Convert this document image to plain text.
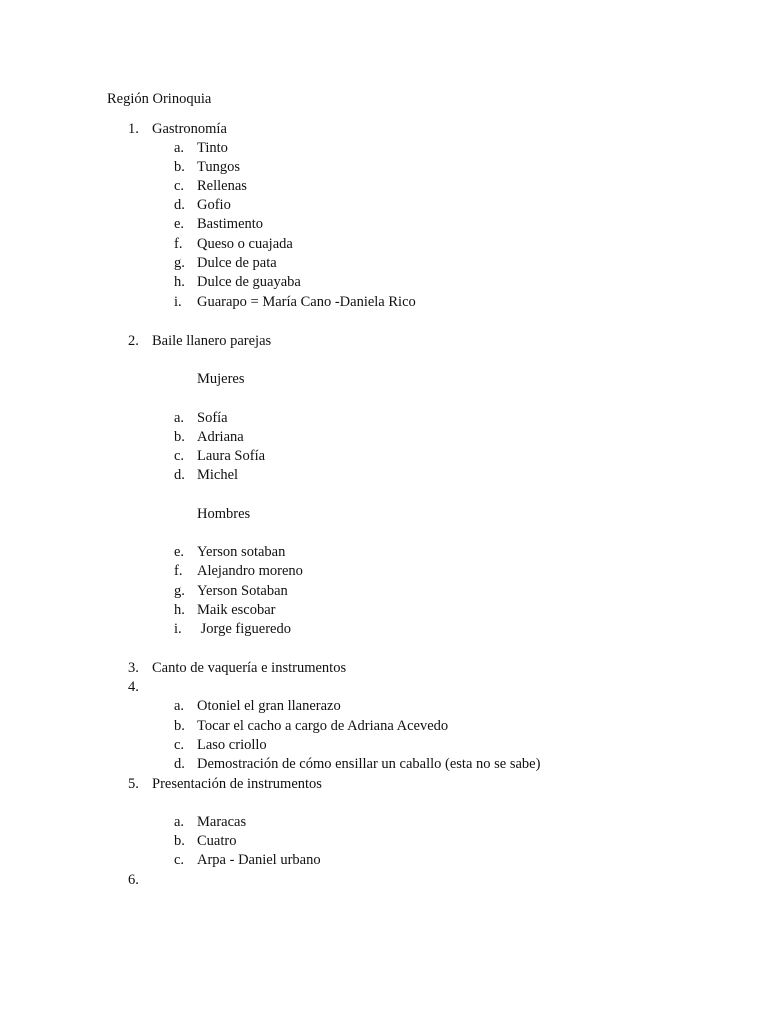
Región Orinoquia
1. Gastronomía
a. Tinto
b. Tungos
c. Rellenas
d. Gofio
e. Bastimento
f. Queso o cuajada
g. Dulce de pata
h. Dulce de guayaba
i. Guarapo = María Cano -Daniela Rico
2. Baile llanero parejas
Mujeres
a. Sofía
b. Adriana
c. Laura Sofía
d. Michel
Hombres
e. Yerson sotaban
f. Alejandro moreno
g. Yerson Sotaban
h. Maik escobar
i. Jorge figueredo
3. Canto de vaquería e instrumentos
4.
a. Otoniel el gran llanerazo
b. Tocar el cacho a cargo de Adriana Acevedo
c. Laso criollo
d. Demostración de cómo ensillar un caballo (esta no se sabe)
5. Presentación de instrumentos
a. Maracas
b. Cuatro
c. Arpa - Daniel urbano
6.
